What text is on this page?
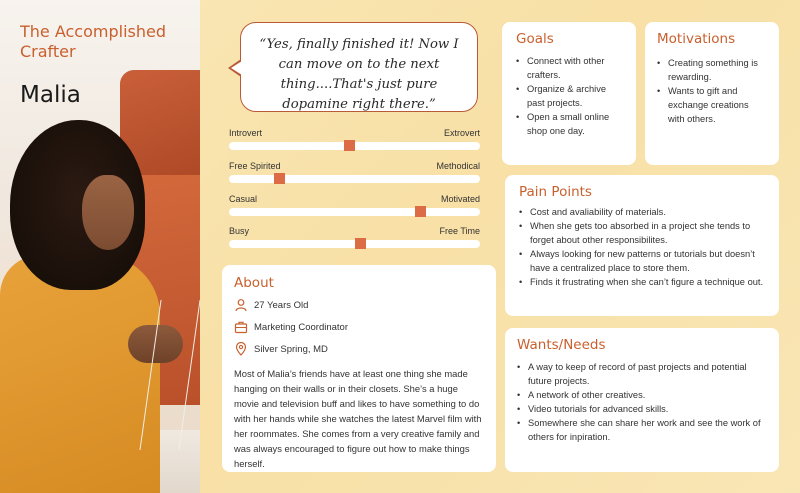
The Accomplished Crafter
Malia
“Yes, finally finished it! Now I can move on to the next thing....That's just pure dopamine right there.”
Introvert	Extrovert
Free Spirited	Methodical
Casual	Motivated
Busy	Free Time
About
27 Years Old
Marketing Coordinator
Silver Spring, MD

Most of Malia’s friends have at least one thing she made hanging on their walls or in their closets. She’s a huge movie and television buff and likes to have something to do with her hands while she watches the latest Marvel film with her roommates. She comes from a very creative family and was always encouraged to figure out how to make things herself.

Goals
• Connect with other crafters.
• Organize & archive past projects.
• Open a small online shop one day.
Motivations
• Creating something is rewarding.
• Wants to gift and exchange creations with others.
Pain Points
• Cost and avaliability of materials.
• When she gets too absorbed in a project she tends to forget about other responsibilites.
• Always looking for new patterns or tutorials but doesn’t have a centralized place to store them.
• Finds it frustrating when she can’t figure a technique out.
Wants/Needs
• A way to keep of record of past projects and potential future projects.
• A network of other creatives.
• Video tutorials for advanced skills.
• Somewhere she can share her work and see the work of others for inpiration.
